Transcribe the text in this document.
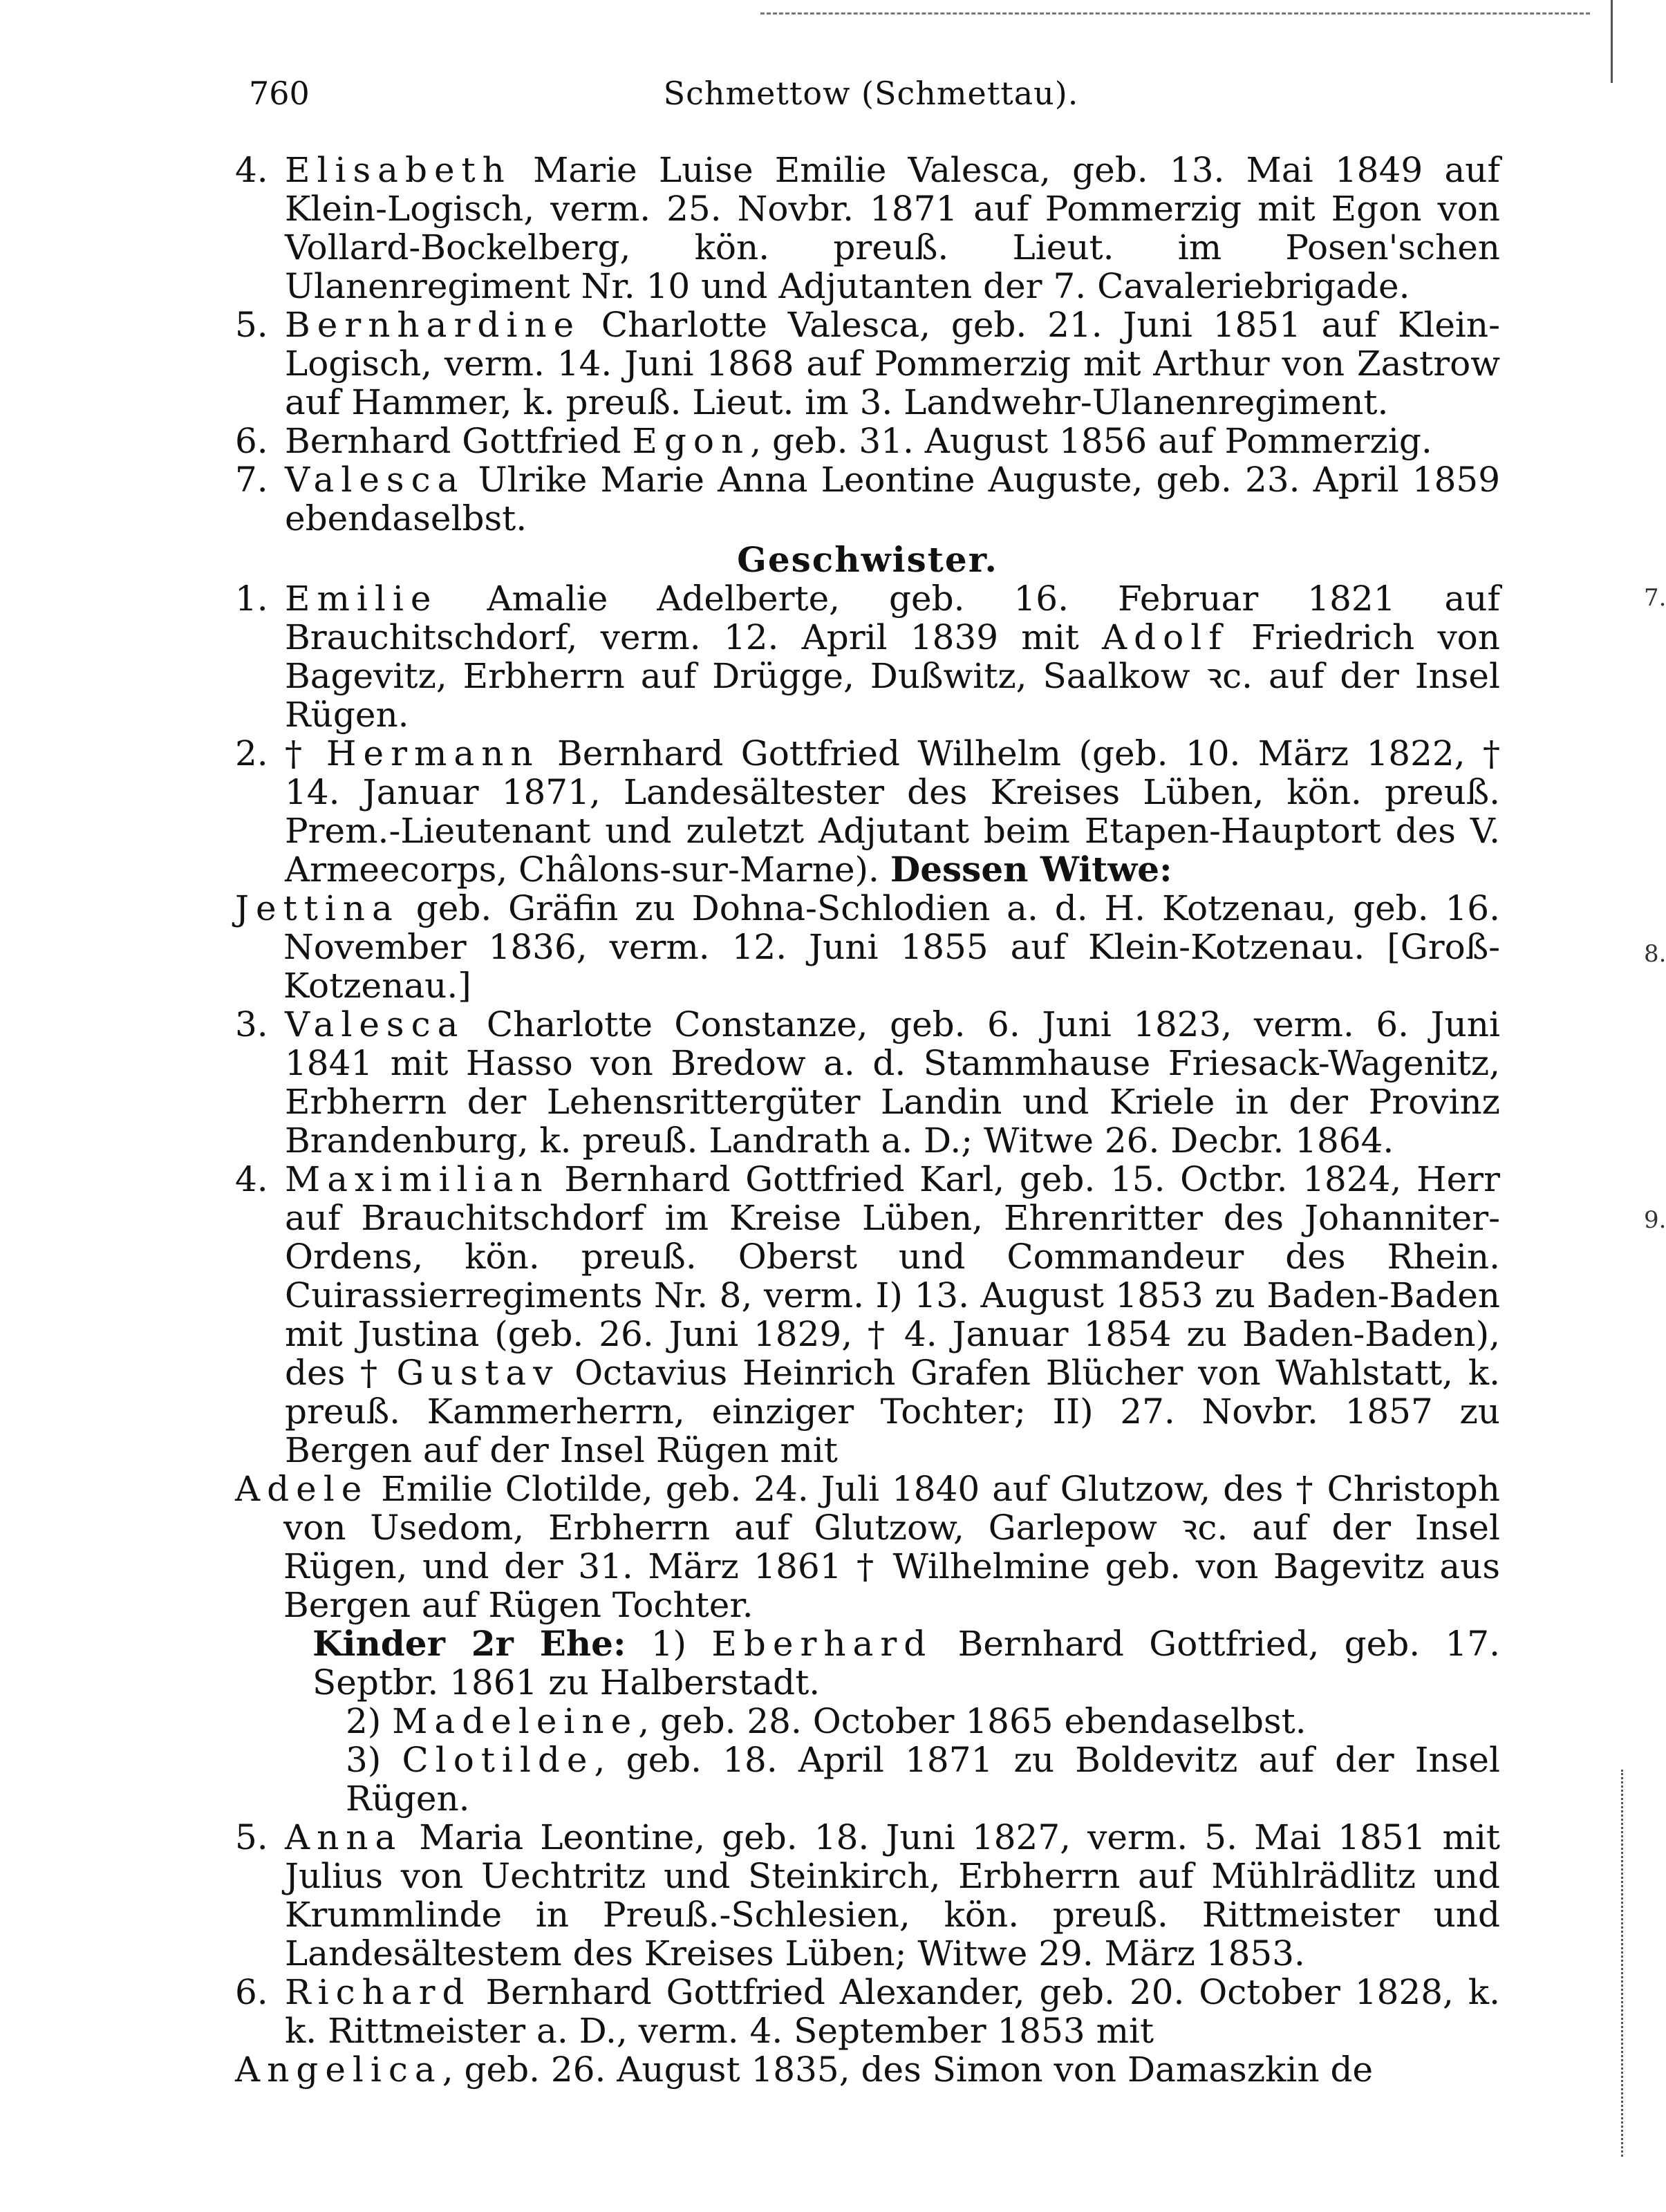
760	Schmettow (Schmettau).

4. Elisabeth Marie Luise Emilie Valesca, geb. 13. Mai 1849 auf Klein-Logisch, verm. 25. Novbr. 1871 auf Pommerzig mit Egon von Vollard-Bockelberg, kön. preuß. Lieut. im Posen'schen Ulanenregiment Nr. 10 und Adjutanten der 7. Cavaleriebrigade.

5. Bernhardine Charlotte Valesca, geb. 21. Juni 1851 auf Klein-Logisch, verm. 14. Juni 1868 auf Pommerzig mit Arthur von Zastrow auf Hammer, k. preuß. Lieut. im 3. Landwehr-Ulanenregiment.

6. Bernhard Gottfried Egon, geb. 31. August 1856 auf Pommerzig.

7. Valesca Ulrike Marie Anna Leontine Auguste, geb. 23. April 1859 ebendaselbst.

Geschwister.

1. Emilie Amalie Adelberte, geb. 16. Februar 1821 auf Brauchitschdorf, verm. 12. April 1839 mit Adolf Friedrich von Bagevitz, Erbherrn auf Drügge, Dußwitz, Saalkow ꝛc. auf der Insel Rügen.

2. † Hermann Bernhard Gottfried Wilhelm (geb. 10. März 1822, † 14. Januar 1871, Landesältester des Kreises Lüben, kön. preuß. Prem.-Lieutenant und zuletzt Adjutant beim Etapen-Hauptort des V. Armeecorps, Châlons-sur-Marne). Dessen Witwe:

Jettina geb. Gräfin zu Dohna-Schlodien a. d. H. Kotzenau, geb. 16. November 1836, verm. 12. Juni 1855 auf Klein-Kotzenau. [Groß-Kotzenau.]

3. Valesca Charlotte Constanze, geb. 6. Juni 1823, verm. 6. Juni 1841 mit Hasso von Bredow a. d. Stammhause Friesack-Wagenitz, Erbherrn der Lehensrittergüter Landin und Kriele in der Provinz Brandenburg, k. preuß. Landrath a. D.; Witwe 26. Decbr. 1864.

4. Maximilian Bernhard Gottfried Karl, geb. 15. Octbr. 1824, Herr auf Brauchitschdorf im Kreise Lüben, Ehrenritter des Johanniter-Ordens, kön. preuß. Oberst und Commandeur des Rhein. Cuirassierregiments Nr. 8, verm. I) 13. August 1853 zu Baden-Baden mit Justina (geb. 26. Juni 1829, † 4. Januar 1854 zu Baden-Baden), des † Gustav Octavius Heinrich Grafen Blücher von Wahlstatt, k. preuß. Kammerherrn, einziger Tochter; II) 27. Novbr. 1857 zu Bergen auf der Insel Rügen mit

Adele Emilie Clotilde, geb. 24. Juli 1840 auf Glutzow, des † Christoph von Usedom, Erbherrn auf Glutzow, Garlepow ꝛc. auf der Insel Rügen, und der 31. März 1861 † Wilhelmine geb. von Bagevitz aus Bergen auf Rügen Tochter.

Kinder 2r Ehe: 1) Eberhard Bernhard Gottfried, geb. 17. Septbr. 1861 zu Halberstadt.

2) Madeleine, geb. 28. October 1865 ebendaselbst.

3) Clotilde, geb. 18. April 1871 zu Boldevitz auf der Insel Rügen.

5. Anna Maria Leontine, geb. 18. Juni 1827, verm. 5. Mai 1851 mit Julius von Uechtritz und Steinkirch, Erbherrn auf Mühlrädlitz und Krummlinde in Preuß.-Schlesien, kön. preuß. Rittmeister und Landesältestem des Kreises Lüben; Witwe 29. März 1853.

6. Richard Bernhard Gottfried Alexander, geb. 20. October 1828, k. k. Rittmeister a. D., verm. 4. September 1853 mit

Angelica, geb. 26. August 1835, des Simon von Damaszkin de

7.
8.
9.
